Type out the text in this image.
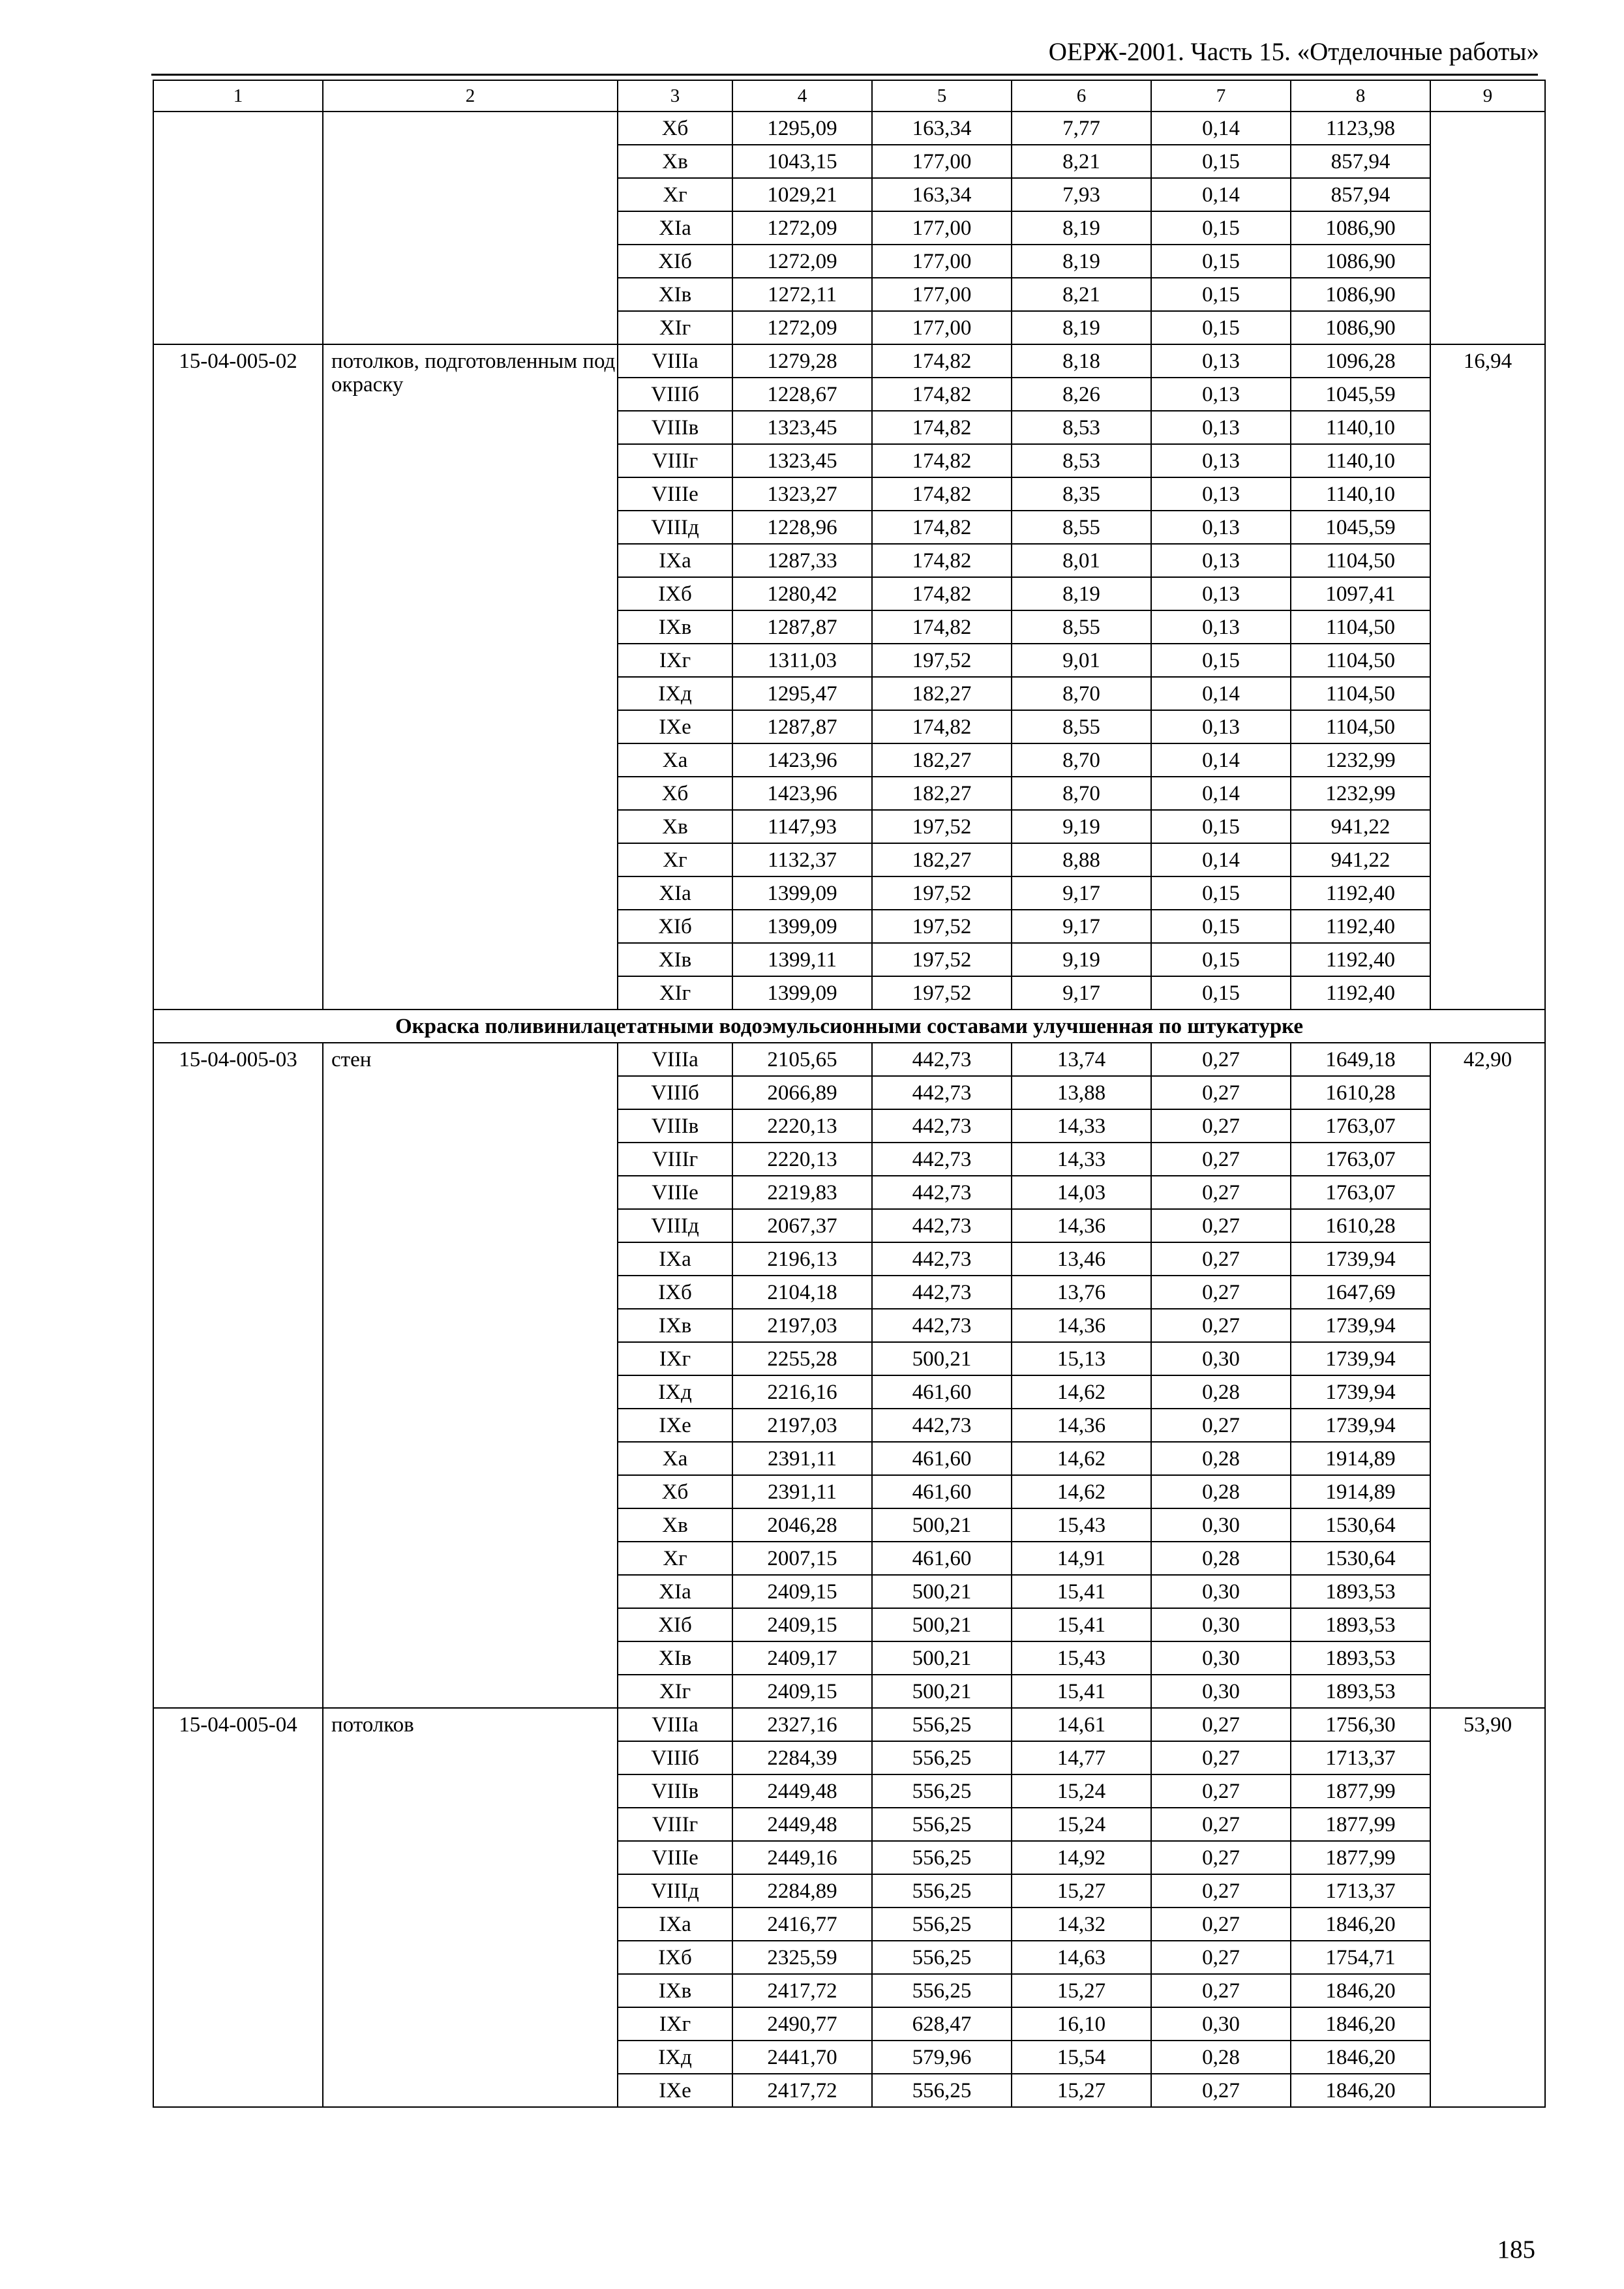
ОЕРЖ-2001. Часть 15. «Отделочные работы»
1	2	3	4	5	6	7	8	9
		Xб	1295,09	163,34	7,77	0,14	1123,98	
		Xв	1043,15	177,00	8,21	0,15	857,94	
		Xг	1029,21	163,34	7,93	0,14	857,94	
		XIа	1272,09	177,00	8,19	0,15	1086,90	
		XIб	1272,09	177,00	8,19	0,15	1086,90	
		XIв	1272,11	177,00	8,21	0,15	1086,90	
		XIг	1272,09	177,00	8,19	0,15	1086,90	
15-04-005-02	потолков, подготовленным под окраску	VIIIа	1279,28	174,82	8,18	0,13	1096,28	16,94
		VIIIб	1228,67	174,82	8,26	0,13	1045,59	
		VIIIв	1323,45	174,82	8,53	0,13	1140,10	
		VIIIг	1323,45	174,82	8,53	0,13	1140,10	
		VIIIе	1323,27	174,82	8,35	0,13	1140,10	
		VIIIд	1228,96	174,82	8,55	0,13	1045,59	
		IXа	1287,33	174,82	8,01	0,13	1104,50	
		IXб	1280,42	174,82	8,19	0,13	1097,41	
		IXв	1287,87	174,82	8,55	0,13	1104,50	
		IXг	1311,03	197,52	9,01	0,15	1104,50	
		IXд	1295,47	182,27	8,70	0,14	1104,50	
		IXе	1287,87	174,82	8,55	0,13	1104,50	
		Xа	1423,96	182,27	8,70	0,14	1232,99	
		Xб	1423,96	182,27	8,70	0,14	1232,99	
		Xв	1147,93	197,52	9,19	0,15	941,22	
		Xг	1132,37	182,27	8,88	0,14	941,22	
		XIа	1399,09	197,52	9,17	0,15	1192,40	
		XIб	1399,09	197,52	9,17	0,15	1192,40	
		XIв	1399,11	197,52	9,19	0,15	1192,40	
		XIг	1399,09	197,52	9,17	0,15	1192,40	
Окраска поливинилацетатными водоэмульсионными составами улучшенная по штукатурке								
15-04-005-03	стен	VIIIа	2105,65	442,73	13,74	0,27	1649,18	42,90
		VIIIб	2066,89	442,73	13,88	0,27	1610,28	
		VIIIв	2220,13	442,73	14,33	0,27	1763,07	
		VIIIг	2220,13	442,73	14,33	0,27	1763,07	
		VIIIе	2219,83	442,73	14,03	0,27	1763,07	
		VIIIд	2067,37	442,73	14,36	0,27	1610,28	
		IXа	2196,13	442,73	13,46	0,27	1739,94	
		IXб	2104,18	442,73	13,76	0,27	1647,69	
		IXв	2197,03	442,73	14,36	0,27	1739,94	
		IXг	2255,28	500,21	15,13	0,30	1739,94	
		IXд	2216,16	461,60	14,62	0,28	1739,94	
		IXе	2197,03	442,73	14,36	0,27	1739,94	
		Xа	2391,11	461,60	14,62	0,28	1914,89	
		Xб	2391,11	461,60	14,62	0,28	1914,89	
		Xв	2046,28	500,21	15,43	0,30	1530,64	
		Xг	2007,15	461,60	14,91	0,28	1530,64	
		XIа	2409,15	500,21	15,41	0,30	1893,53	
		XIб	2409,15	500,21	15,41	0,30	1893,53	
		XIв	2409,17	500,21	15,43	0,30	1893,53	
		XIг	2409,15	500,21	15,41	0,30	1893,53	
15-04-005-04	потолков	VIIIа	2327,16	556,25	14,61	0,27	1756,30	53,90
		VIIIб	2284,39	556,25	14,77	0,27	1713,37	
		VIIIв	2449,48	556,25	15,24	0,27	1877,99	
		VIIIг	2449,48	556,25	15,24	0,27	1877,99	
		VIIIе	2449,16	556,25	14,92	0,27	1877,99	
		VIIIд	2284,89	556,25	15,27	0,27	1713,37	
		IXа	2416,77	556,25	14,32	0,27	1846,20	
		IXб	2325,59	556,25	14,63	0,27	1754,71	
		IXв	2417,72	556,25	15,27	0,27	1846,20	
		IXг	2490,77	628,47	16,10	0,30	1846,20	
		IXд	2441,70	579,96	15,54	0,28	1846,20	
		IXе	2417,72	556,25	15,27	0,27	1846,20	
185
